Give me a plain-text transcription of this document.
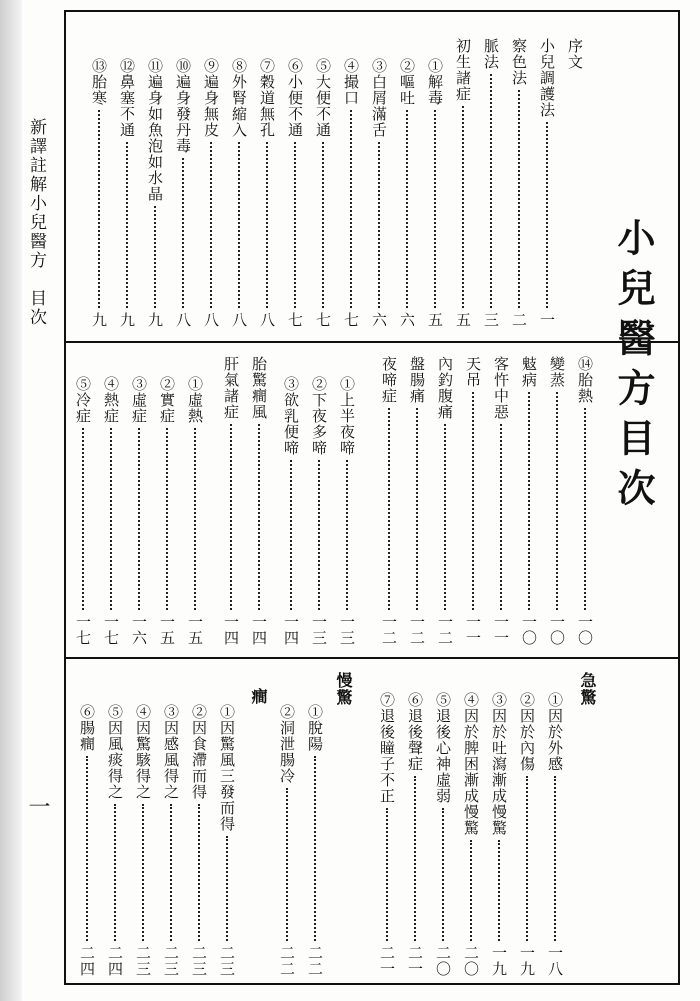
新譯註解小兒醫方　目次
一
小兒醫方目次
急驚
慢驚
癎
序文
小兒調護法
一
察色法
二
脈法
三
初生諸症
五
①解毒
五
②嘔吐
六
③白屑滿舌
六
④撮口
七
⑤大便不通
七
⑥小便不通
七
⑦穀道無孔
八
⑧外腎縮入
八
⑨遍身無皮
八
⑩遍身發丹毒
八
⑪遍身如魚泡如水晶
九
⑫鼻塞不通
九
⑬胎寒
九
⑭胎熱
一〇
變蒸
一〇
鬾病
一〇
客忤中惡
一一
天吊
一一
內釣腹痛
一二
盤腸痛
一二
夜啼症
一二
①上半夜啼
一三
②下夜多啼
一三
③欲乳便啼
一四
胎驚癎風
一四
肝氣諸症
一四
①虛熱
一五
②實症
一五
③虛症
一六
④熱症
一七
⑤冷症
一七
①因於外感
一八
②因於內傷
一九
③因於吐瀉漸成慢驚
一九
④因於脾困漸成慢驚
二〇
⑤退後心神虛弱
二〇
⑥退後聲症
二一
⑦退後瞳子不正
二一
①脫陽
二二
②洞泄腸冷
二二
①因驚風三發而得
二三
②因食滯而得
二三
③因感風得之
二三
④因驚駭得之
二三
⑤因風痰得之
二四
⑥腸癎
二四
